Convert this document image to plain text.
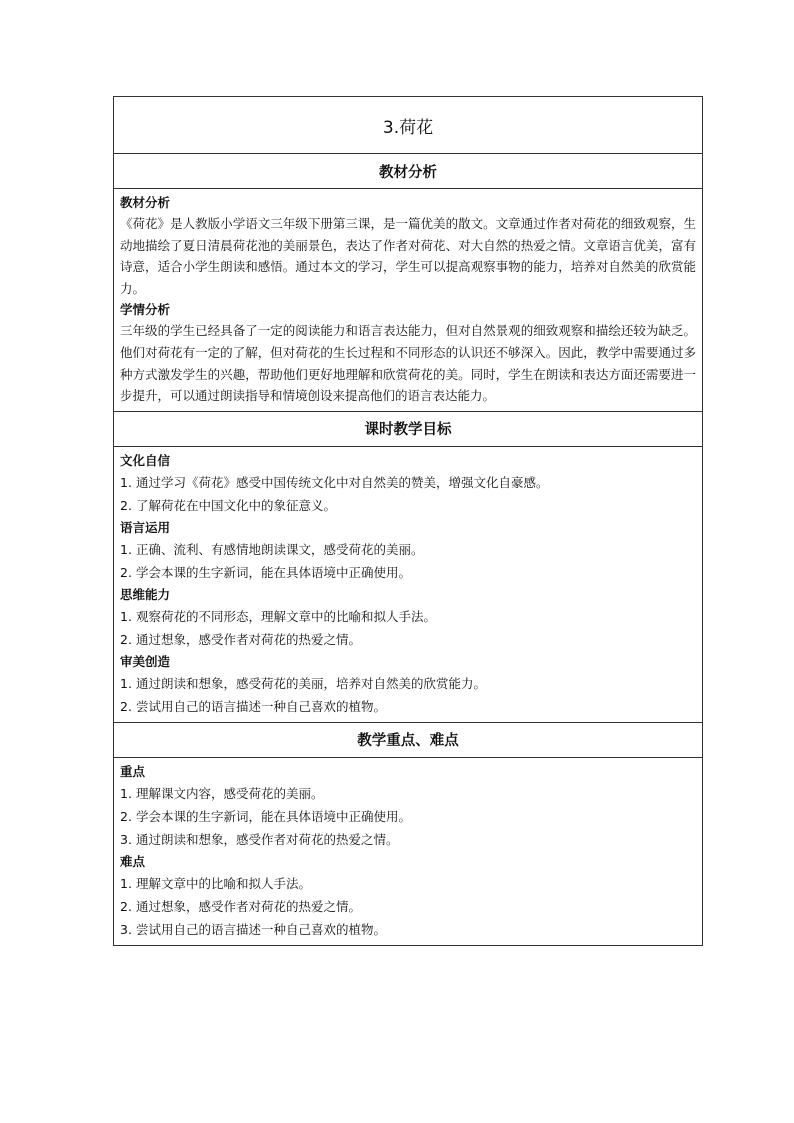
3.荷花
教材分析
教材分析
《荷花》是人教版小学语文三年级下册第三课，是一篇优美的散文。文章通过作者对荷花的细致观察，生动地描绘了夏日清晨荷花池的美丽景色，表达了作者对荷花、对大自然的热爱之情。文章语言优美，富有诗意，适合小学生朗读和感悟。通过本文的学习，学生可以提高观察事物的能力，培养对自然美的欣赏能力。
学情分析
三年级的学生已经具备了一定的阅读能力和语言表达能力，但对自然景观的细致观察和描绘还较为缺乏。他们对荷花有一定的了解，但对荷花的生长过程和不同形态的认识还不够深入。因此，教学中需要通过多种方式激发学生的兴趣，帮助他们更好地理解和欣赏荷花的美。同时，学生在朗读和表达方面还需要进一步提升，可以通过朗读指导和情境创设来提高他们的语言表达能力。
课时教学目标
文化自信
1. 通过学习《荷花》感受中国传统文化中对自然美的赞美，增强文化自豪感。
2. 了解荷花在中国文化中的象征意义。
语言运用
1. 正确、流利、有感情地朗读课文，感受荷花的美丽。
2. 学会本课的生字新词，能在具体语境中正确使用。
思维能力
1. 观察荷花的不同形态，理解文章中的比喻和拟人手法。
2. 通过想象，感受作者对荷花的热爱之情。
审美创造
1. 通过朗读和想象，感受荷花的美丽，培养对自然美的欣赏能力。
2. 尝试用自己的语言描述一种自己喜欢的植物。
教学重点、难点
重点
1. 理解课文内容，感受荷花的美丽。
2. 学会本课的生字新词，能在具体语境中正确使用。
3. 通过朗读和想象，感受作者对荷花的热爱之情。
难点
1. 理解文章中的比喻和拟人手法。
2. 通过想象，感受作者对荷花的热爱之情。
3. 尝试用自己的语言描述一种自己喜欢的植物。
